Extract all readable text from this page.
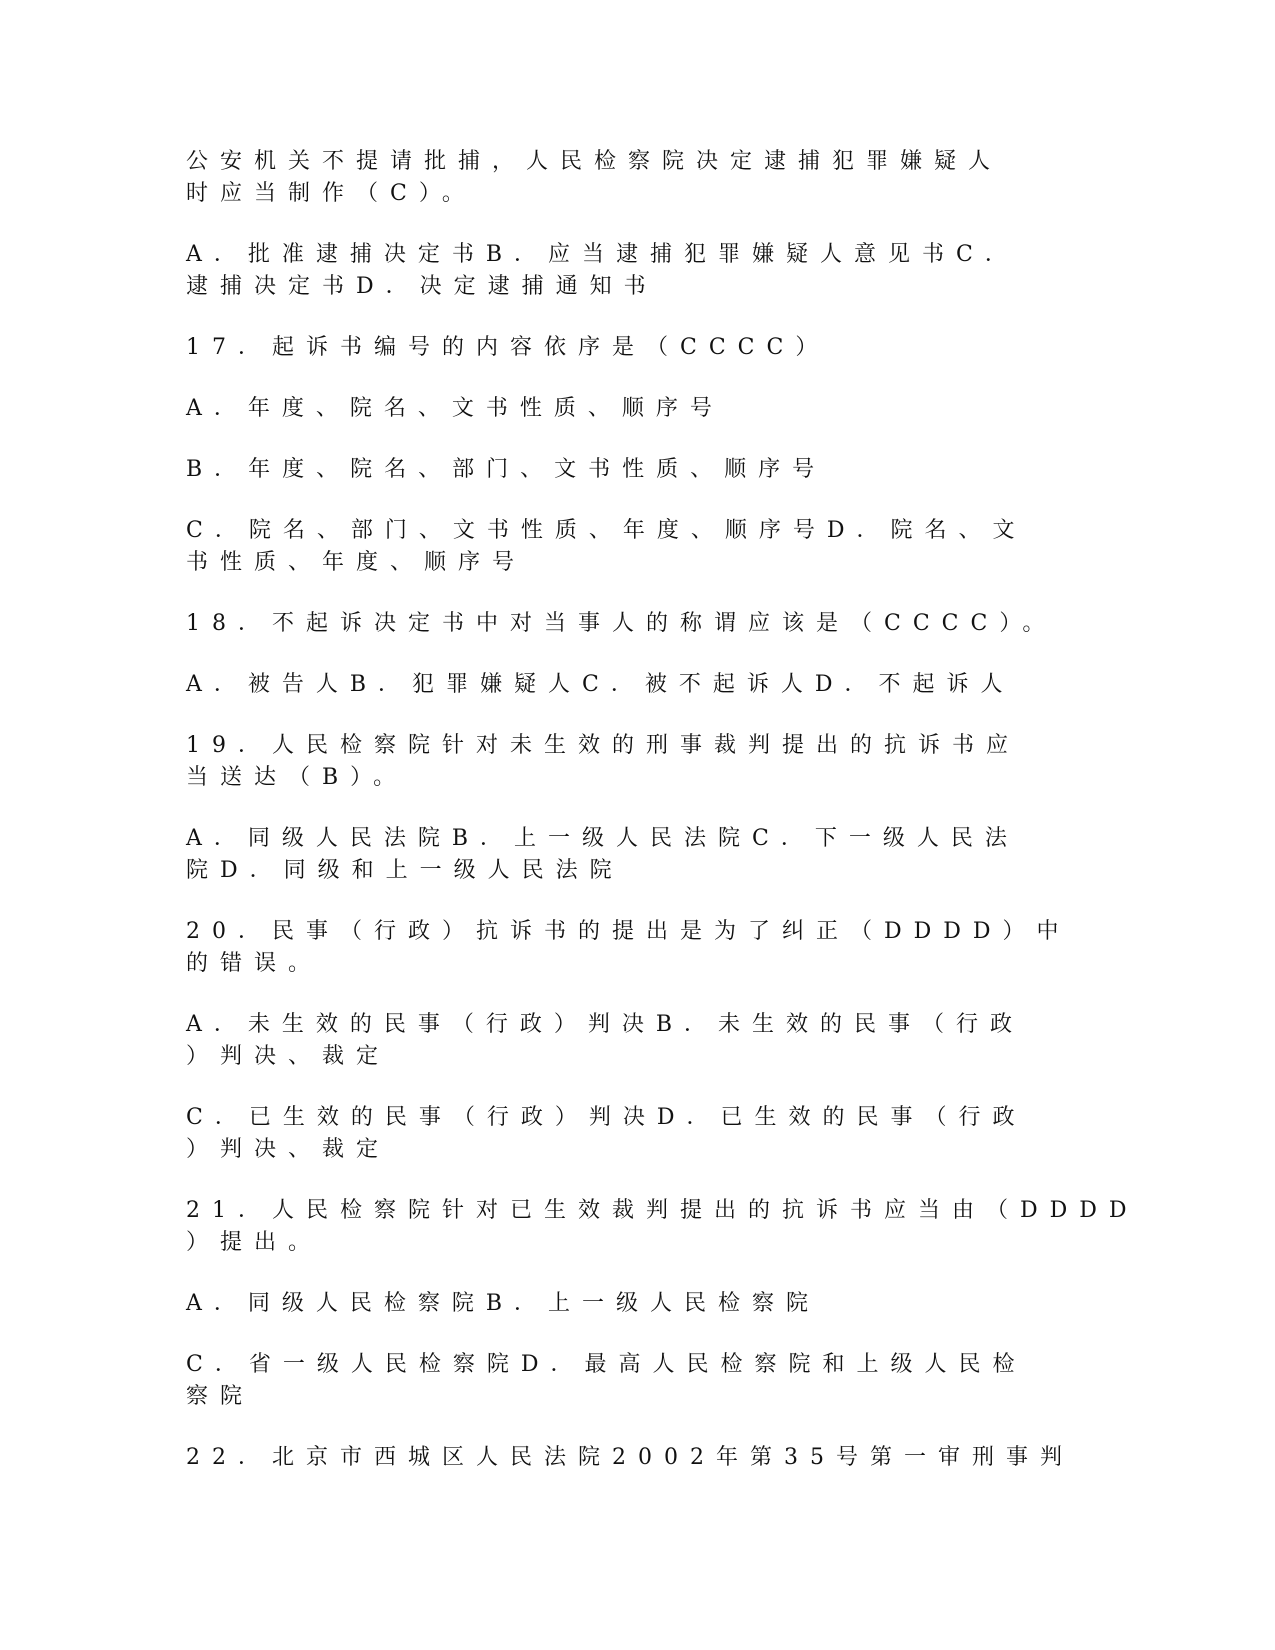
公安机关不提请批捕，人民检察院决定逮捕犯罪嫌疑人
时应当制作（C）。

A．批准逮捕决定书B．应当逮捕犯罪嫌疑人意见书C．
逮捕决定书D．决定逮捕通知书

17．起诉书编号的内容依序是（CCCC）

A．年度、院名、文书性质、顺序号

B．年度、院名、部门、文书性质、顺序号

C．院名、部门、文书性质、年度、顺序号D．院名、文
书性质、年度、顺序号

18．不起诉决定书中对当事人的称谓应该是（CCCC）。

A．被告人B．犯罪嫌疑人C．被不起诉人D．不起诉人

19．人民检察院针对未生效的刑事裁判提出的抗诉书应
当送达（B）。

A．同级人民法院B．上一级人民法院C．下一级人民法
院D．同级和上一级人民法院

20．民事（行政）抗诉书的提出是为了纠正（DDDD）中
的错误。

A．未生效的民事（行政）判决B．未生效的民事（行政
）判决、裁定

C．已生效的民事（行政）判决D．已生效的民事（行政
）判决、裁定

21．人民检察院针对已生效裁判提出的抗诉书应当由（DDDD
）提出。

A．同级人民检察院B．上一级人民检察院

C．省一级人民检察院D．最高人民检察院和上级人民检
察院

22．北京市西城区人民法院2002年第35号第一审刑事判
